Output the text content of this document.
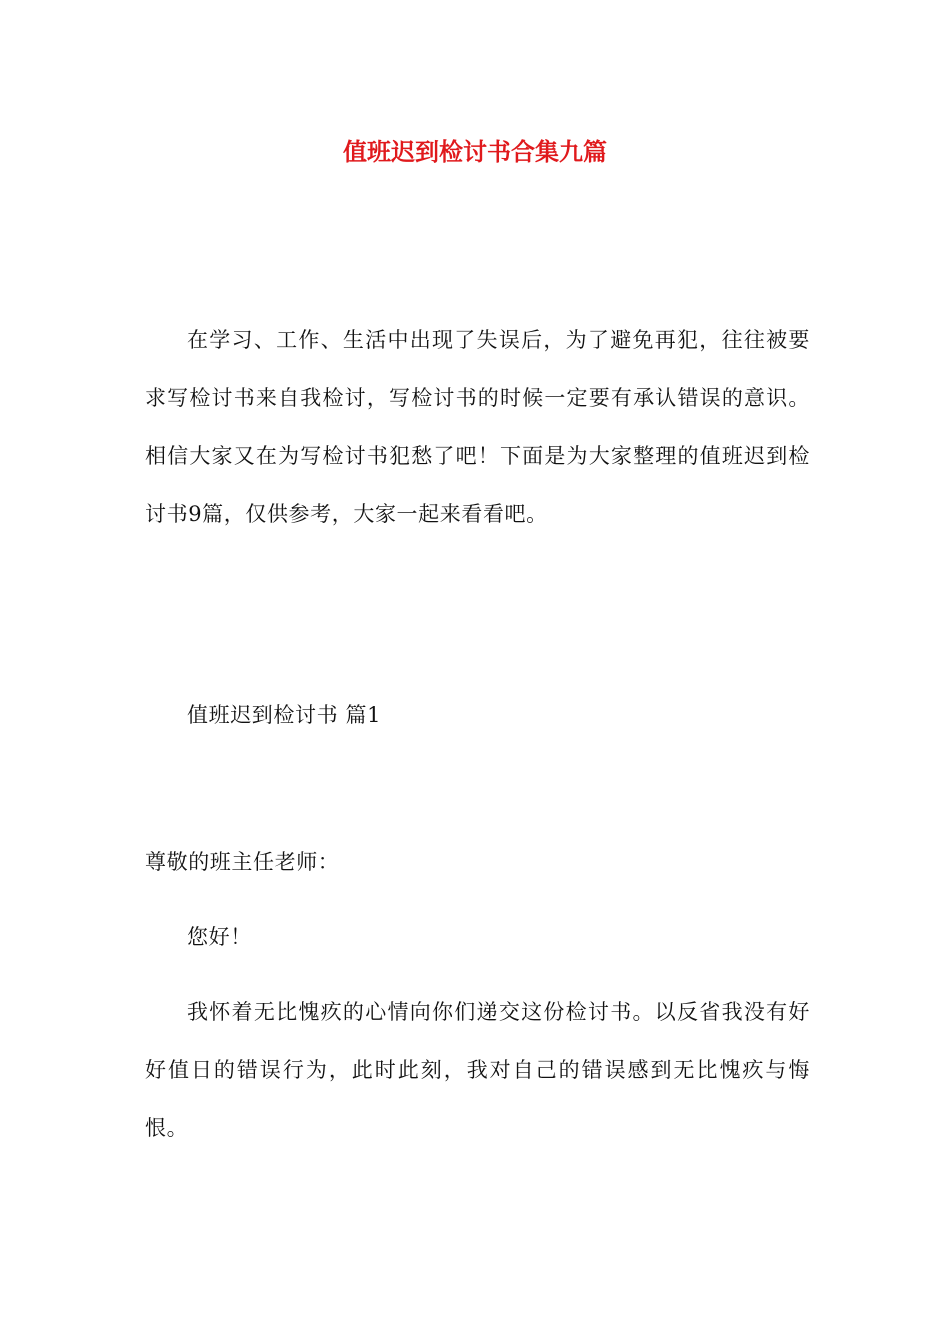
值班迟到检讨书合集九篇

在学习、工作、生活中出现了失误后，为了避免再犯，往往被要求写检讨书来自我检讨，写检讨书的时候一定要有承认错误的意识。相信大家又在为写检讨书犯愁了吧！下面是为大家整理的值班迟到检讨书9篇，仅供参考，大家一起来看看吧。

值班迟到检讨书 篇1

尊敬的班主任老师：

您好！

我怀着无比愧疚的心情向你们递交这份检讨书。以反省我没有好好值日的错误行为，此时此刻，我对自己的错误感到无比愧疚与悔恨。
